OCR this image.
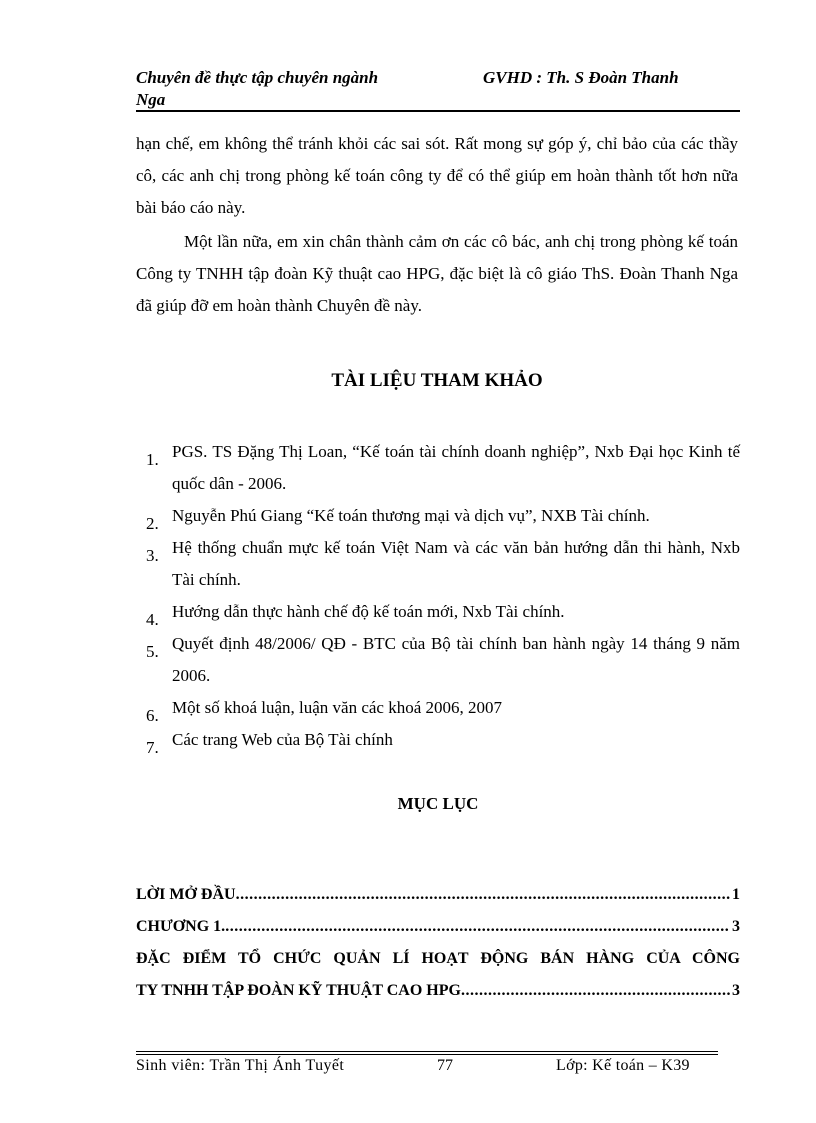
Chuyên đề thực tập chuyên ngành
Nga
GVHD : Th. S Đoàn Thanh
hạn chế, em không thể tránh khỏi các sai sót. Rất mong sự góp ý, chỉ bảo của các thầy cô, các anh chị trong phòng kế toán công ty để có thể giúp em hoàn thành tốt hơn nữa bài báo cáo này.
Một lần nữa, em xin chân thành cảm ơn các cô bác, anh chị trong phòng kế toán Công ty TNHH tập đoàn Kỹ thuật cao HPG, đặc biệt là cô giáo ThS. Đoàn Thanh Nga đã giúp đỡ em hoàn thành Chuyên đề này.
TÀI LIỆU THAM KHẢO
1. PGS. TS Đặng Thị Loan, “Kế toán tài chính doanh nghiệp”, Nxb Đại học Kinh tế quốc dân - 2006.
2. Nguyễn Phú Giang “Kế toán thương mại và dịch vụ”, NXB Tài chính.
3. Hệ thống chuẩn mực kế toán Việt Nam và các văn bản hướng dẫn thi hành, Nxb Tài chính.
4. Hướng dẫn thực hành chế độ kế toán mới, Nxb Tài chính.
5. Quyết định 48/2006/ QĐ - BTC của Bộ tài chính ban hành ngày 14 tháng 9 năm 2006.
6. Một số khoá luận, luận văn các khoá 2006, 2007
7. Các trang Web của Bộ Tài chính
MỤC LỤC
LỜI MỞ ĐẦU .....	1
CHƯƠNG 1. .....	3
ĐẶC ĐIỂM TỔ CHỨC QUẢN LÍ HOẠT ĐỘNG BÁN HÀNG CỦA CÔNG
TY TNHH TẬP ĐOÀN KỸ THUẬT CAO HPG .....	3
Sinh viên: Trần Thị Ánh Tuyết	77	Lớp: Kế toán – K39
